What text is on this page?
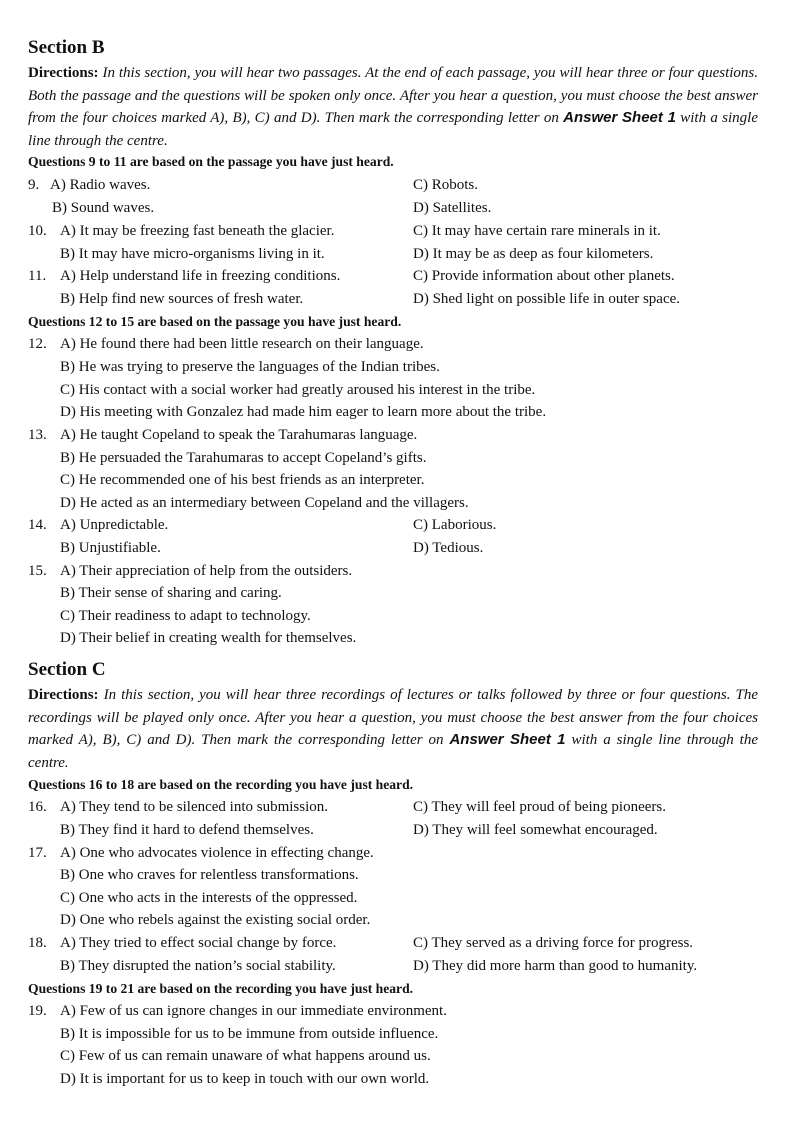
Section B
Directions: In this section, you will hear two passages. At the end of each passage, you will hear three or four questions. Both the passage and the questions will be spoken only once. After you hear a question, you must choose the best answer from the four choices marked A), B), C) and D). Then mark the corresponding letter on Answer Sheet 1 with a single line through the centre.
Questions 9 to 11 are based on the passage you have just heard.
9. A) Radio waves.	C) Robots.
B) Sound waves.	D) Satellites.
10. A) It may be freezing fast beneath the glacier.	C) It may have certain rare minerals in it.
B) It may have micro-organisms living in it.	D) It may be as deep as four kilometers.
11. A) Help understand life in freezing conditions.	C) Provide information about other planets.
B) Help find new sources of fresh water.	D) Shed light on possible life in outer space.
Questions 12 to 15 are based on the passage you have just heard.
12. A) He found there had been little research on their language.
B) He was trying to preserve the languages of the Indian tribes.
C) His contact with a social worker had greatly aroused his interest in the tribe.
D) His meeting with Gonzalez had made him eager to learn more about the tribe.
13. A) He taught Copeland to speak the Tarahumaras language.
B) He persuaded the Tarahumaras to accept Copeland’s gifts.
C) He recommended one of his best friends as an interpreter.
D) He acted as an intermediary between Copeland and the villagers.
14. A) Unpredictable.	C) Laborious.
B) Unjustifiable.	D) Tedious.
15. A) Their appreciation of help from the outsiders.
B) Their sense of sharing and caring.
C) Their readiness to adapt to technology.
D) Their belief in creating wealth for themselves.
Section C
Directions: In this section, you will hear three recordings of lectures or talks followed by three or four questions. The recordings will be played only once. After you hear a question, you must choose the best answer from the four choices marked A), B), C) and D). Then mark the corresponding letter on Answer Sheet 1 with a single line through the centre.
Questions 16 to 18 are based on the recording you have just heard.
16. A) They tend to be silenced into submission.	C) They will feel proud of being pioneers.
B) They find it hard to defend themselves.	D) They will feel somewhat encouraged.
17. A) One who advocates violence in effecting change.
B) One who craves for relentless transformations.
C) One who acts in the interests of the oppressed.
D) One who rebels against the existing social order.
18. A) They tried to effect social change by force.	C) They served as a driving force for progress.
B) They disrupted the nation’s social stability.	D) They did more harm than good to humanity.
Questions 19 to 21 are based on the recording you have just heard.
19. A) Few of us can ignore changes in our immediate environment.
B) It is impossible for us to be immune from outside influence.
C) Few of us can remain unaware of what happens around us.
D) It is important for us to keep in touch with our own world.
